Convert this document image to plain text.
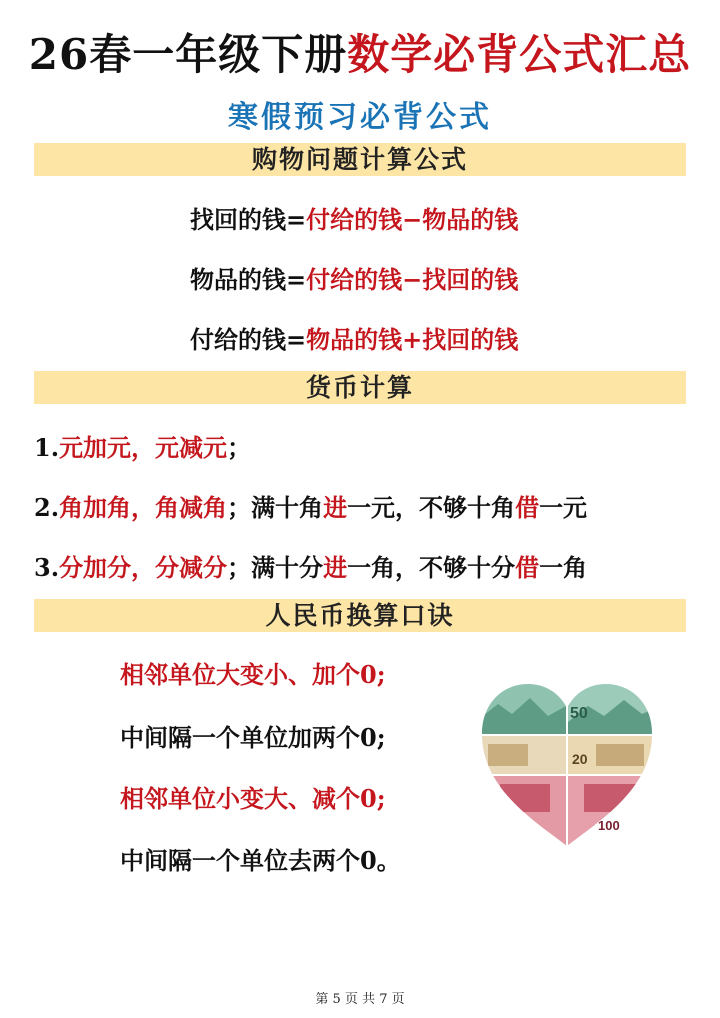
26春一年级下册数学必背公式汇总
寒假预习必背公式
购物问题计算公式
找回的钱=付给的钱−物品的钱
物品的钱=付给的钱−找回的钱
付给的钱=物品的钱+找回的钱
货币计算
1.元加元，元减元；
2.角加角，角减角；满十角进一元，不够十角借一元
3.分加分，分减分；满十分进一角，不够十分借一角
人民币换算口诀
相邻单位大变小、加个0;
中间隔一个单位加两个0;
相邻单位小变大、减个0;
中间隔一个单位去两个0。
50
20
100
第 5 页 共 7 页
